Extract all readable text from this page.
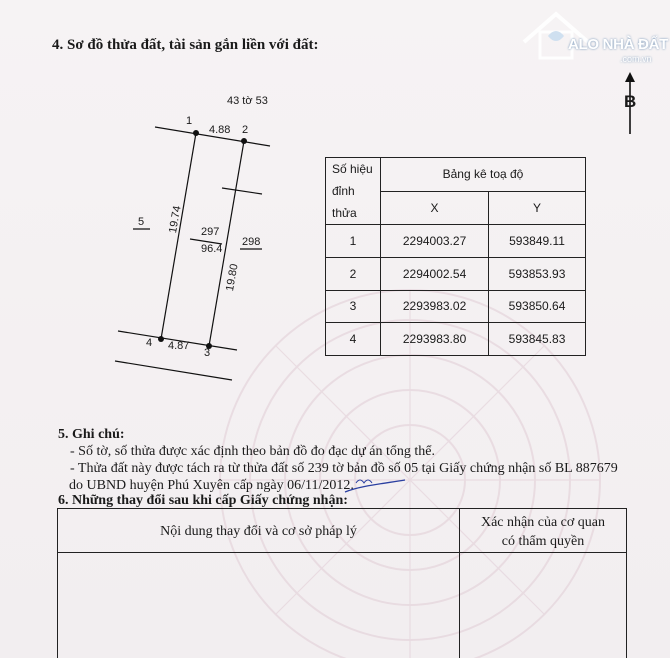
ALO NHÀ ĐẤT
.com.vn
B
4. Sơ đồ thửa đất, tài sản gắn liền với đất:
43 tờ 53
1
2
3
4
4.88
4.87
19.74
19.80
297
96.4
5
298
Số hiệu đỉnh thửa	Bảng kê toạ độ	
	X	Y
1	2294003.27	593849.11
2	2294002.54	593853.93
3	2293983.02	593850.64
4	2293983.80	593845.83
5. Ghi chú:
- Số tờ, số thửa được xác định theo bản đồ đo đạc dự án tổng thể.
- Thửa đất này được tách ra từ thửa đất số 239 tờ bản đồ số 05 tại Giấy chứng nhận số BL 887679
do UBND huyện Phú Xuyên cấp ngày 06/11/2012.
6. Những thay đổi sau khi cấp Giấy chứng nhận:
Nội dung thay đổi và cơ sở pháp lý	Xác nhận của cơ quan
có thẩm quyền
